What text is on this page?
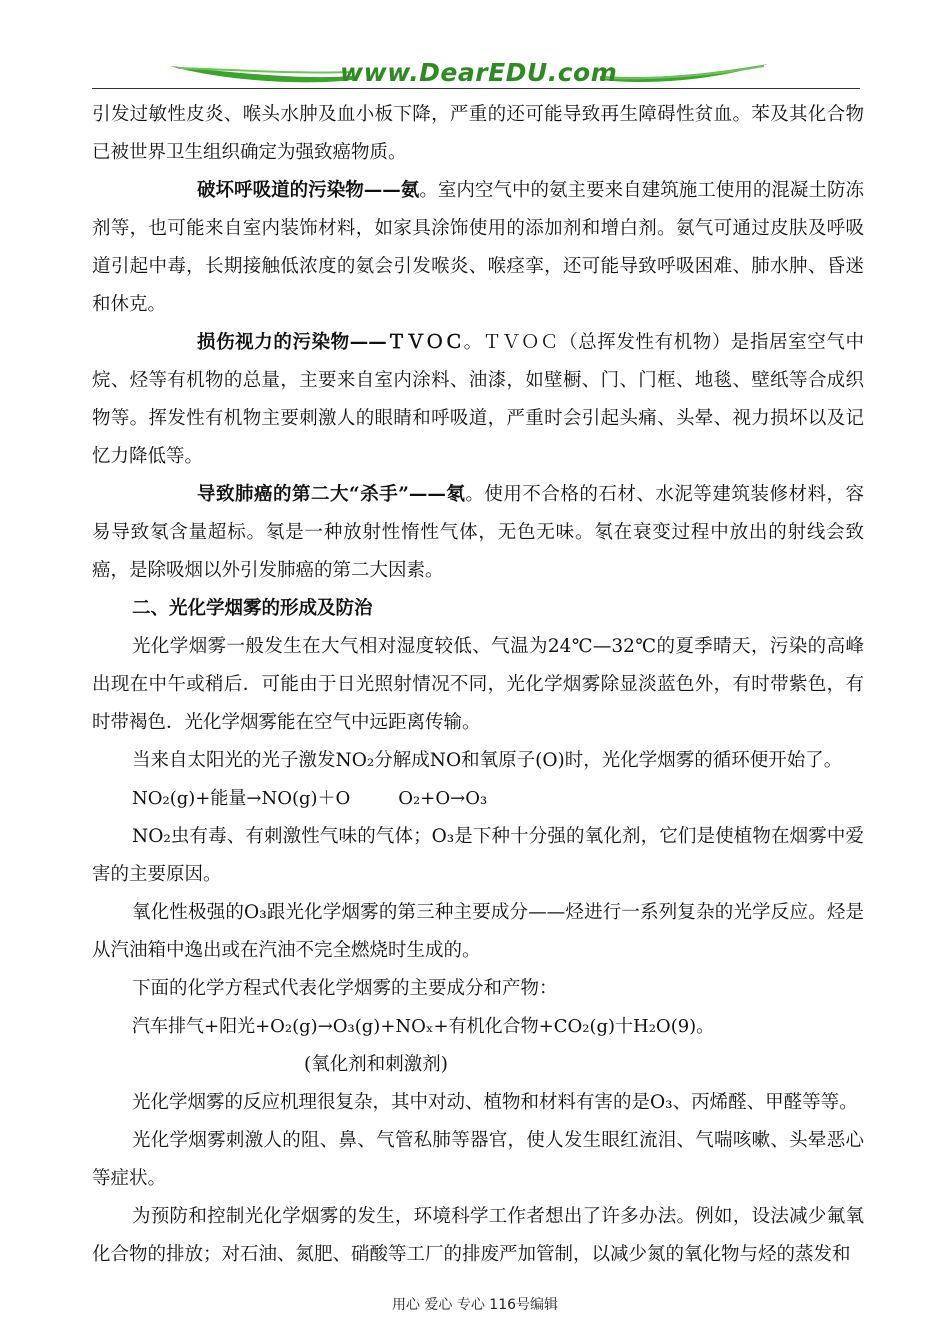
www.DearEDU.com

引发过敏性皮炎、喉头水肿及血小板下降，严重的还可能导致再生障碍性贫血。苯及其化合物已被世界卫生组织确定为强致癌物质。

破坏呼吸道的污染物——氨。室内空气中的氨主要来自建筑施工使用的混凝土防冻剂等，也可能来自室内装饰材料，如家具涂饰使用的添加剂和增白剂。氨气可通过皮肤及呼吸道引起中毒，长期接触低浓度的氨会引发喉炎、喉痉挛，还可能导致呼吸困难、肺水肿、昏迷和休克。

损伤视力的污染物——ＴＶＯＣ。ＴＶＯＣ（总挥发性有机物）是指居室空气中烷、烃等有机物的总量，主要来自室内涂料、油漆，如壁橱、门、门框、地毯、壁纸等合成织物等。挥发性有机物主要刺激人的眼睛和呼吸道，严重时会引起头痛、头晕、视力损坏以及记忆力降低等。

导致肺癌的第二大“杀手”——氡。使用不合格的石材、水泥等建筑装修材料，容易导致氡含量超标。氡是一种放射性惰性气体，无色无味。氡在衰变过程中放出的射线会致癌，是除吸烟以外引发肺癌的第二大因素。

二、光化学烟雾的形成及防治

光化学烟雾一般发生在大气相对湿度较低、气温为24℃—32℃的夏季晴天，污染的高峰出现在中午或稍后．可能由于日光照射情况不同，光化学烟雾除显淡蓝色外，有时带紫色，有时带褐色．光化学烟雾能在空气中远距离传输。

当来自太阳光的光子激发NO₂分解成NO和氧原子(O)时，光化学烟雾的循环便开始了。

NO₂(g)+能量→NO(g)＋O	O₂+O→O₃

NO₂虫有毒、有刺激性气味的气体；O₃是下种十分强的氧化剂，它们是使植物在烟雾中爱害的主要原因。

氧化性极强的O₃跟光化学烟雾的第三种主要成分——烃进行一系列复杂的光学反应。烃是从汽油箱中逸出或在汽油不完全燃烧时生成的。

下面的化学方程式代表化学烟雾的主要成分和产物：

汽车排气+阳光+O₂(g)→O₃(g)+NOₓ+有机化合物+CO₂(g)十H₂O(9)。

(氧化剂和刺激剂)

光化学烟雾的反应机理很复杂，其中对动、植物和材料有害的是O₃、丙烯醛、甲醛等等。

光化学烟雾刺激人的阻、鼻、气管私肺等器官，使人发生眼红流泪、气喘咳嗽、头晕恶心等症状。

为预防和控制光化学烟雾的发生，环境科学工作者想出了许多办法。例如，设法减少氟氧化合物的排放；对石油、氮肥、硝酸等工厂的排废严加管制，以减少氮的氧化物与烃的蒸发和

用心 爱心 专心 116号编辑
